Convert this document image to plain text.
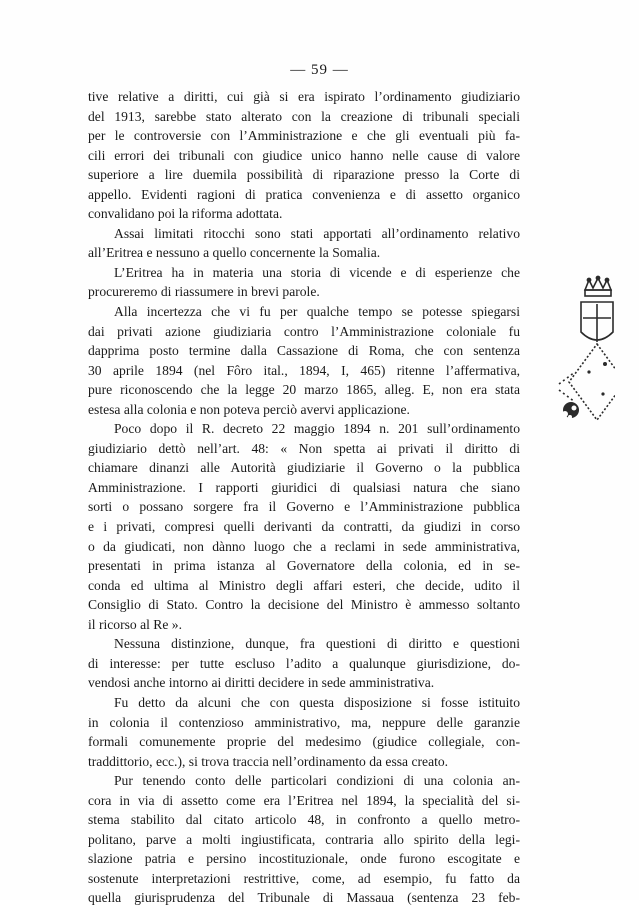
— 59 —
tive relative a diritti, cui già si era ispirato l’ordinamento giudiziario
del 1913, sarebbe stato alterato con la creazione di tribunali speciali
per le controversie con l’Amministrazione e che gli eventuali più fa-
cili errori dei tribunali con giudice unico hanno nelle cause di valore
superiore a lire duemila possibilità di riparazione presso la Corte di
appello. Evidenti ragioni di pratica convenienza e di assetto organico
convalidano poi la riforma adottata.
Assai limitati ritocchi sono stati apportati all’ordinamento relativo
all’Eritrea e nessuno a quello concernente la Somalia.
L’Eritrea ha in materia una storia di vicende e di esperienze che
procureremo di riassumere in brevi parole.
Alla incertezza che vi fu per qualche tempo se potesse spiegarsi
dai privati azione giudiziaria contro l’Amministrazione coloniale fu
dapprima posto termine dalla Cassazione di Roma, che con sentenza
30 aprile 1894 (nel Fôro ital., 1894, I, 465) ritenne l’affermativa,
pure riconoscendo che la legge 20 marzo 1865, alleg. E, non era stata
estesa alla colonia e non poteva perciò avervi applicazione.
Poco dopo il R. decreto 22 maggio 1894 n. 201 sull’ordinamento
giudiziario dettò nell’art. 48: « Non spetta ai privati il diritto di
chiamare dinanzi alle Autorità giudiziarie il Governo o la pubblica
Amministrazione. I rapporti giuridici di qualsiasi natura che siano
sorti o possano sorgere fra il Governo e l’Amministrazione pubblica
e i privati, compresi quelli derivanti da contratti, da giudizi in corso
o da giudicati, non dànno luogo che a reclami in sede amministrativa,
presentati in prima istanza al Governatore della colonia, ed in se-
conda ed ultima al Ministro degli affari esteri, che decide, udito il
Consiglio di Stato. Contro la decisione del Ministro è ammesso soltanto
il ricorso al Re ».
Nessuna distinzione, dunque, fra questioni di diritto e questioni
di interesse: per tutte escluso l’adito a qualunque giurisdizione, do-
vendosi anche intorno ai diritti decidere in sede amministrativa.
Fu detto da alcuni che con questa disposizione si fosse istituito
in colonia il contenzioso amministrativo, ma, neppure delle garanzie
formali comunemente proprie del medesimo (giudice collegiale, con-
traddittorio, ecc.), si trova traccia nell’ordinamento da essa creato.
Pur tenendo conto delle particolari condizioni di una colonia an-
cora in via di assetto come era l’Eritrea nel 1894, la specialità del si-
stema stabilito dal citato articolo 48, in confronto a quello metro-
politano, parve a molti ingiustificata, contraria allo spirito della legi-
slazione patria e persino incostituzionale, onde furono escogitate e
sostenute interpretazioni restrittive, come, ad esempio, fu fatto da
quella giurisprudenza del Tribunale di Massaua (sentenza 23 feb-
